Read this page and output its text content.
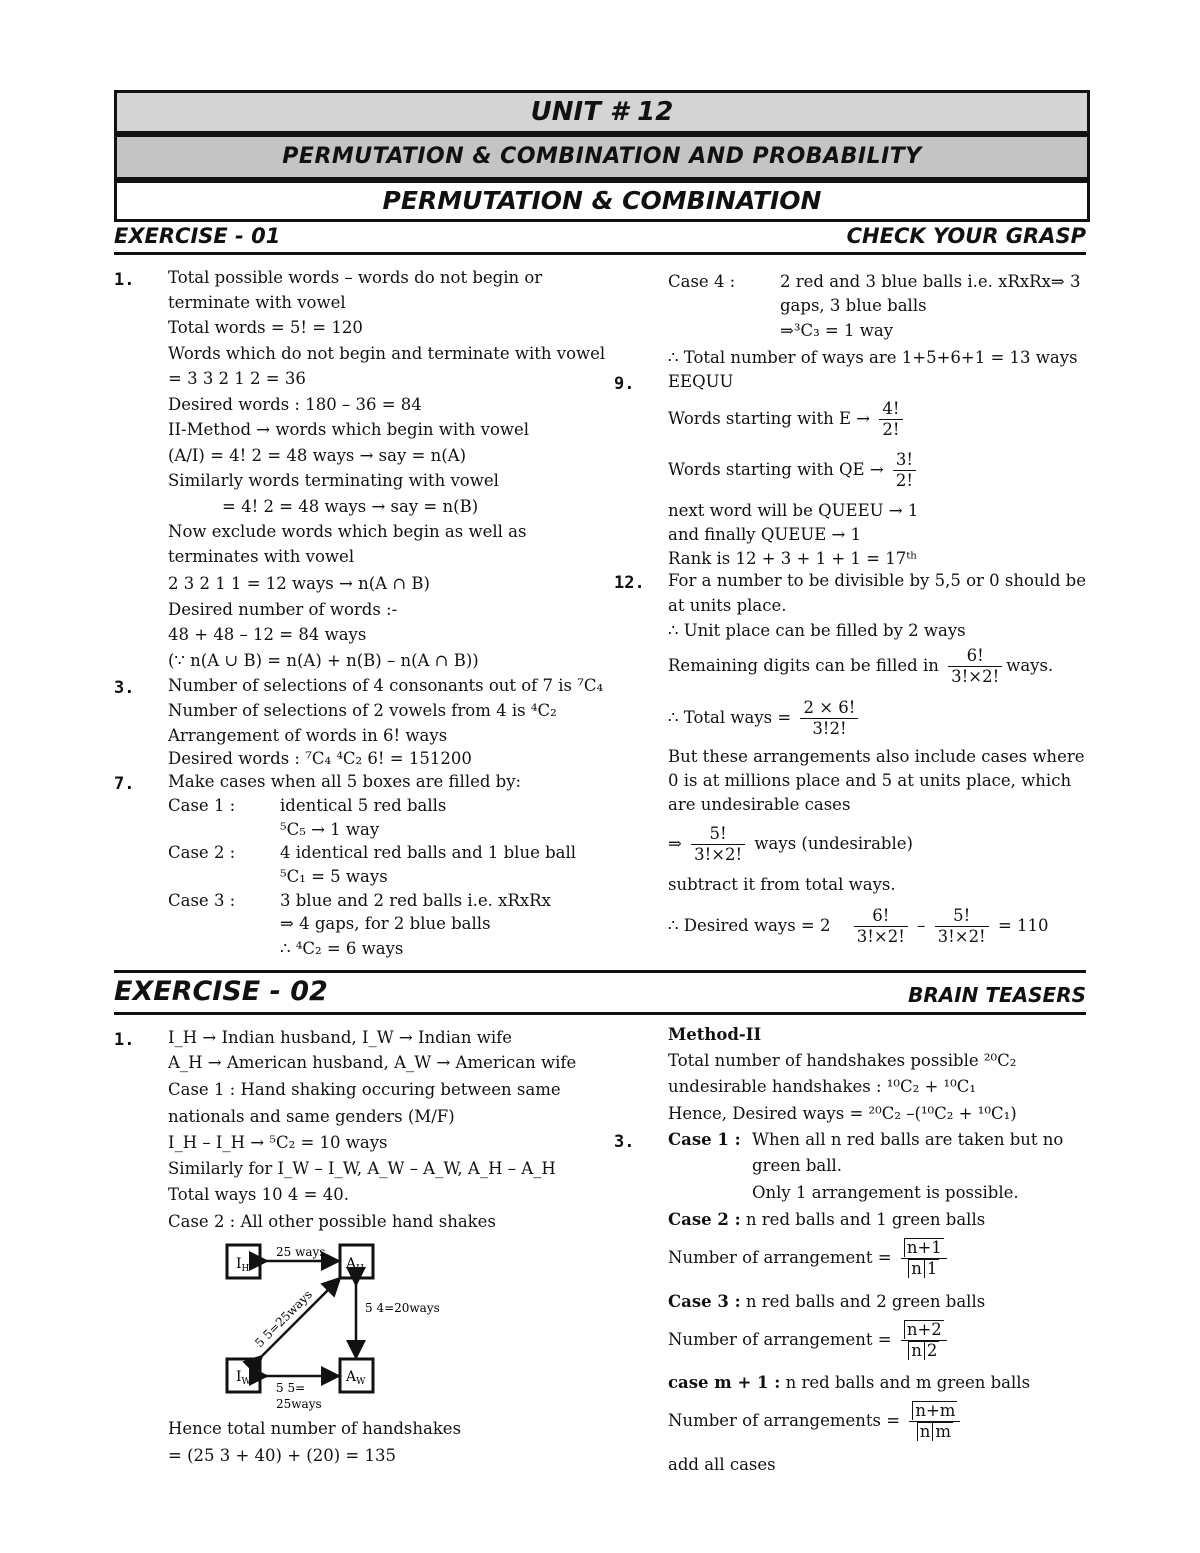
UNIT # 12
PERMUTATION & COMBINATION AND PROBABILITY
PERMUTATION & COMBINATION
EXERCISE - 01	CHECK YOUR GRASP
1. Total possible words – words do not begin or
terminate with vowel
Total words = 5! = 120
Words which do not begin and terminate with vowel
= 3 3 2 1 2 = 36
Desired words : 180 – 36 = 84
II-Method → words which begin with vowel
(A/I) = 4! 2 = 48 ways → say = n(A)
Similarly words terminating with vowel
= 4! 2 = 48 ways → say = n(B)
Now exclude words which begin as well as
terminates with vowel
2 3 2 1 1 = 12 ways → n(A ∩ B)
Desired number of words :-
48 + 48 – 12 = 84 ways
(∵ n(A ∪ B) = n(A) + n(B) – n(A ∩ B))
3. Number of selections of 4 consonants out of 7 is ⁷C₄
Number of selections of 2 vowels from 4 is ⁴C₂
Arrangement of words in 6! ways
Desired words : ⁷C₄ ⁴C₂ 6! = 151200
7. Make cases when all 5 boxes are filled by:
Case 1 :	identical 5 red balls
⁵C₅ → 1 way
Case 2 :	4 identical red balls and 1 blue ball
⁵C₁ = 5 ways
Case 3 :	3 blue and 2 red balls i.e. xRxRx
⇒ 4 gaps, for 2 blue balls
∴ ⁴C₂ = 6 ways
Case 4 :	2 red and 3 blue balls i.e. xRxRx⇒ 3
gaps, 3 blue balls
⇒³C₃ = 1 way
∴ Total number of ways are 1+5+6+1 = 13 ways
9. EEQUU
Words starting with $E \to \frac{4!}{2!}$
Words starting with QE → $\frac{3!}{2!}$
next word will be QUEEU → 1
and finally QUEUE → 1
Rank is 12 + 3 + 1 + 1 = 17ᵗʰ
12. For a number to be divisible by 5,5 or 0 should be
at units place.
∴ Unit place can be filled by 2 ways
Remaining digits can be filled in $\frac{6!}{3!\times 2!}$ ways.
∴ Total ways = $\frac{2 \times 6!}{3!2!}$
But these arrangements also include cases where
0 is at millions place and 5 at units place, which
are undesirable cases
⇒ $\frac{5!}{3!\times 2!}$ ways (undesirable)
subtract it from total ways.
∴ Desired ways = $2 \frac{6!}{3!\times 2!} - \frac{5!}{3!\times 2!} = 110$
EXERCISE - 02	BRAIN TEASERS
1. I_H → Indian husband, I_W → Indian wife
A_H → American husband, A_W → American wife
Case 1 : Hand shaking occuring between same
nationals and same genders (M/F)
I_H – I_H → ⁵C₂ = 10 ways
Similarly for I_W – I_W, A_W – A_W, A_H – A_H
Total ways 10 4 = 40.
Case 2 : All other possible hand shakes
$I_H$	$A_H$
$I_W$	$A_W$
25 ways
5 5=25ways	5 4=20ways
5 5=
25ways
Hence total number of handshakes
= (25 3 + 40) + (20) = 135
Method-II
Total number of handshakes possible ²⁰C₂
undesirable handshakes : ¹⁰C₂ + ¹⁰C₁
Hence, Desired ways = ²⁰C₂ –(¹⁰C₂ + ¹⁰C₁)
3. Case 1 : When all n red balls are taken but no
green ball.
Only 1 arrangement is possible.
Case 2 : n red balls and 1 green balls
Number of arrangement = $\frac{n+1}{n 1}$
Case 3 : n red balls and 2 green balls
Number of arrangement = $\frac{n+2}{n 2}$
case m + 1 : n red balls and m green balls
Number of arrangements = $\frac{n+m}{\text{n m}}$
add all cases
